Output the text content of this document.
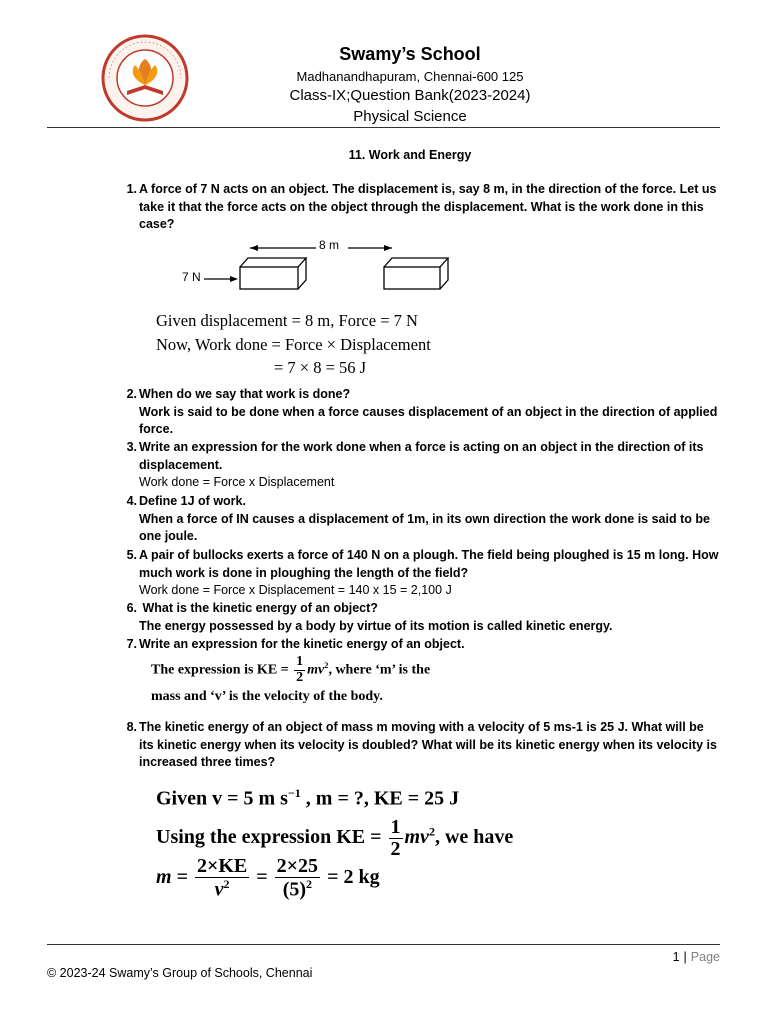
Swamy’s School
Madhanandhapuram, Chennai-600 125
Class-IX;Question Bank(2023-2024)
Physical Science
11. Work and Energy
1. A force of 7 N acts on an object. The displacement is, say 8 m, in the direction of the force. Let us take it that the force acts on the object through the displacement. What is the work done in this case?
8 m
7 N
Given displacement = 8 m, Force = 7 N
Now, Work done = Force × Displacement
= 7 × 8 = 56 J
2. When do we say that work is done?
Work is said to be done when a force causes displacement of an object in the direction of applied force.
3. Write an expression for the work done when a force is acting on an object in the direction of its displacement.
Work done = Force x Displacement
4. Define 1J of work.
When a force of IN causes a displacement of 1m, in its own direction the work done is said to be one joule.
5. A pair of bullocks exerts a force of 140 N on a plough. The field being ploughed is 15 m long. How much work is done in ploughing the length of the field?
Work done = Force x Displacement = 140 x 15 = 2,100 J
6. What is the kinetic energy of an object?
The energy possessed by a body by virtue of its motion is called kinetic energy.
7. Write an expression for the kinetic energy of an object.
The expression is KE = $\frac{1}{2} mv^2$, where ‘m’ is the
mass and ‘v’ is the velocity of the body.
8. The kinetic energy of an object of mass m moving with a velocity of 5 ms-1 is 25 J. What will be its kinetic energy when its velocity is doubled? What will be its kinetic energy when its velocity is increased three times?
Given v = 5 m $s^{-1}$ , m = ?, KE = 25 J
Using the expression KE = $\frac{1}{2} mv^2$, we have
$m = \frac{2\times KE}{v^2} = \frac{2\times 25}{(5)^2} = 2$ kg
1 | Page
© 2023-24 Swamy’s Group of Schools, Chennai
